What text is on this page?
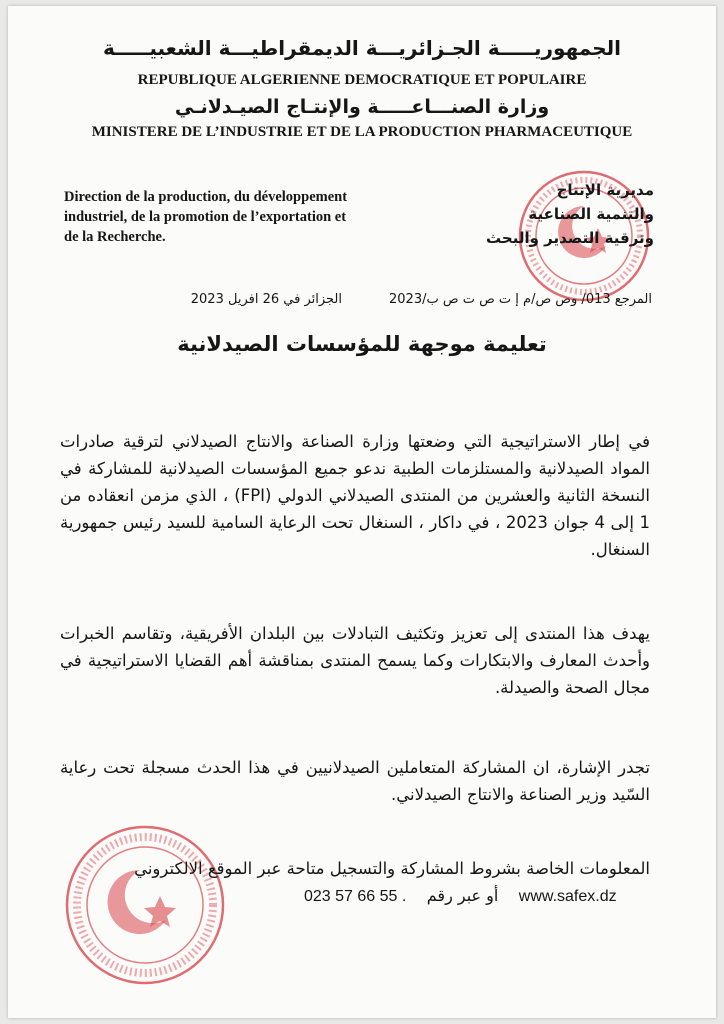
الجمهوريـــــة الجـزائريـــة الديمقراطيـــة الشعبيـــــة
REPUBLIQUE ALGERIENNE DEMOCRATIQUE ET POPULAIRE
وزارة الصنـــاعـــــة والإنتـاج الصيـدلانـي
MINISTERE DE L’INDUSTRIE ET DE LA PRODUCTION PHARMACEUTIQUE
Direction de la production, du développement industriel, de la promotion de l’exportation et de la Recherche.
مديرية الإنتاج
والتنمية الصناعية
وترقية التصدير والبحث
المرجع 013/ وص ص/م إ ت ص ت ص ب/2023
الجزائر في 26 افريل 2023
تعليمة موجهة للمؤسسات الصيدلانية
في إطار الاستراتيجية التي وضعتها وزارة الصناعة والانتاج الصيدلاني لترقية صادرات المواد الصيدلانية والمستلزمات الطبية ندعو جميع المؤسسات الصيدلانية للمشاركة في النسخة الثانية والعشرين من المنتدى الصيدلاني الدولي (FPI) ، الذي مزمن انعقاده من 1 إلى 4 جوان 2023 ، في داكار ، السنغال تحت الرعاية السامية للسيد رئيس جمهورية السنغال.
يهدف هذا المنتدى إلى تعزيز وتكثيف التبادلات بين البلدان الأفريقية، وتقاسم الخبرات وأحدث المعارف والابتكارات وكما يسمح المنتدى بمناقشة أهم القضايا الاستراتيجية في مجال الصحة والصيدلة.
تجدر الإشارة، ان المشاركة المتعاملين الصيدلانيين في هذا الحدث مسجلة تحت رعاية السّيد وزير الصناعة والانتاج الصيدلاني.
المعلومات الخاصة بشروط المشاركة والتسجيل متاحة عبر الموقع الالكتروني
023 57 66 55 . أو عبر رقم www.safex.dz
